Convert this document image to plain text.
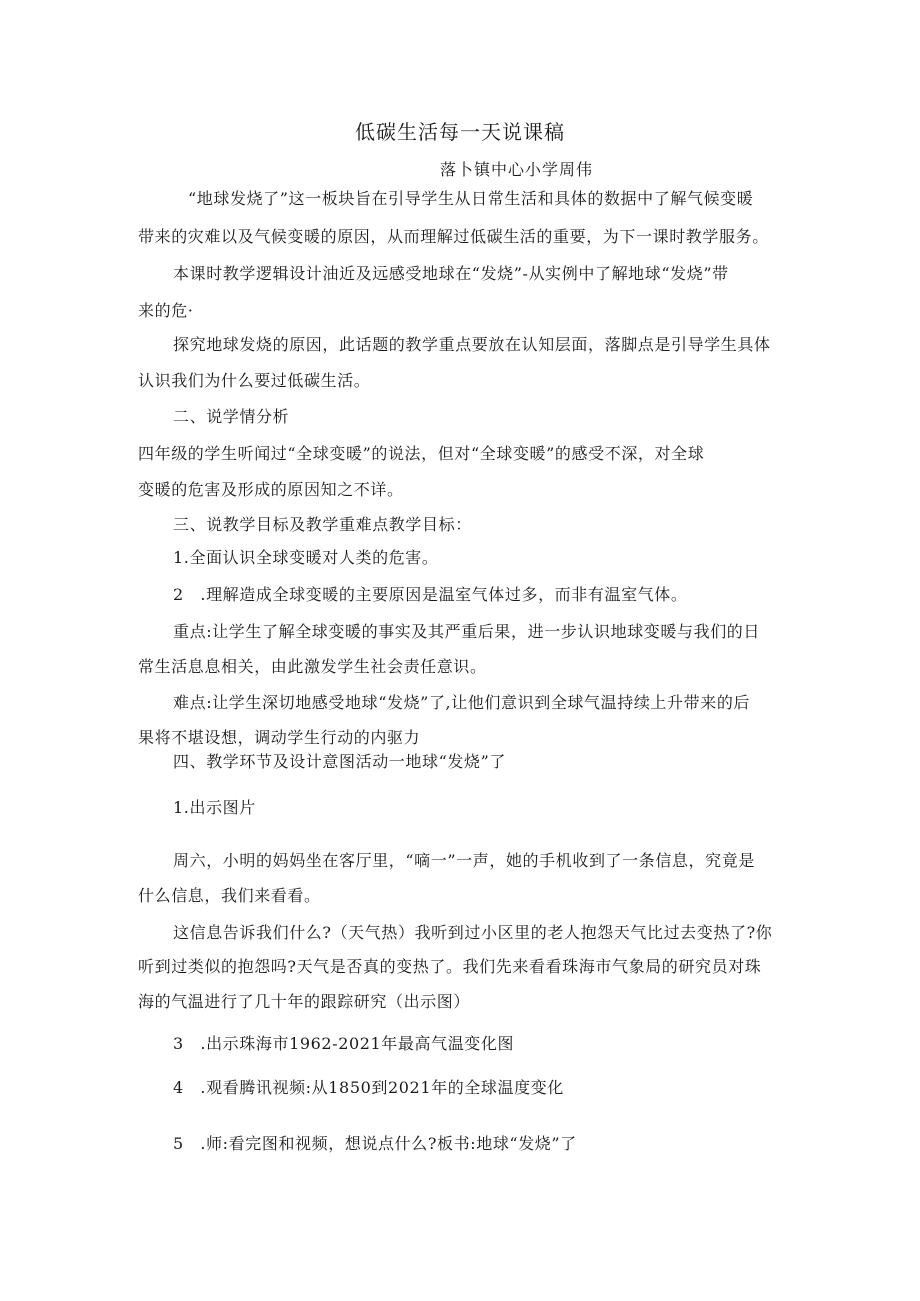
低碳生活每一天说课稿
落卜镇中心小学周伟
“地球发烧了”这一板块旨在引导学生从日常生活和具体的数据中了解气候变暖
带来的灾难以及气候变暖的原因，从而理解过低碳生活的重要，为下一课时教学服务。
本课时教学逻辑设计油近及远感受地球在“发烧”-从实例中了解地球“发烧”带
来的危·
探究地球发烧的原因，此话题的教学重点要放在认知层面，落脚点是引导学生具体
认识我们为什么要过低碳生活。
二、说学情分析
四年级的学生听闻过“全球变暖”的说法，但对“全球变暖”的感受不深，对全球
变暖的危害及形成的原因知之不详。
三、说教学目标及教学重难点教学目标：
1.全面认识全球变暖对人类的危害。
2　.理解造成全球变暖的主要原因是温室气体过多，而非有温室气体。
重点:让学生了解全球变暖的事实及其严重后果，进一步认识地球变暖与我们的日
常生活息息相关，由此激发学生社会责任意识。
难点:让学生深切地感受地球“发烧”了,让他们意识到全球气温持续上升带来的后
果将不堪设想，调动学生行动的内驱力
四、教学环节及设计意图活动一地球“发烧”了
1.出示图片
周六，小明的妈妈坐在客厅里，“嘀一”一声，她的手机收到了一条信息，究竟是
什么信息，我们来看看。
这信息告诉我们什么?（天气热）我听到过小区里的老人抱怨天气比过去变热了?你
听到过类似的抱怨吗?天气是否真的变热了。我们先来看看珠海市气象局的研究员对珠
海的气温进行了几十年的跟踪研究（出示图）
3　.出示珠海市1962-2021年最高气温变化图
4　.观看腾讯视频:从1850到2021年的全球温度变化
5　.师:看完图和视频，想说点什么?板书:地球“发烧”了
